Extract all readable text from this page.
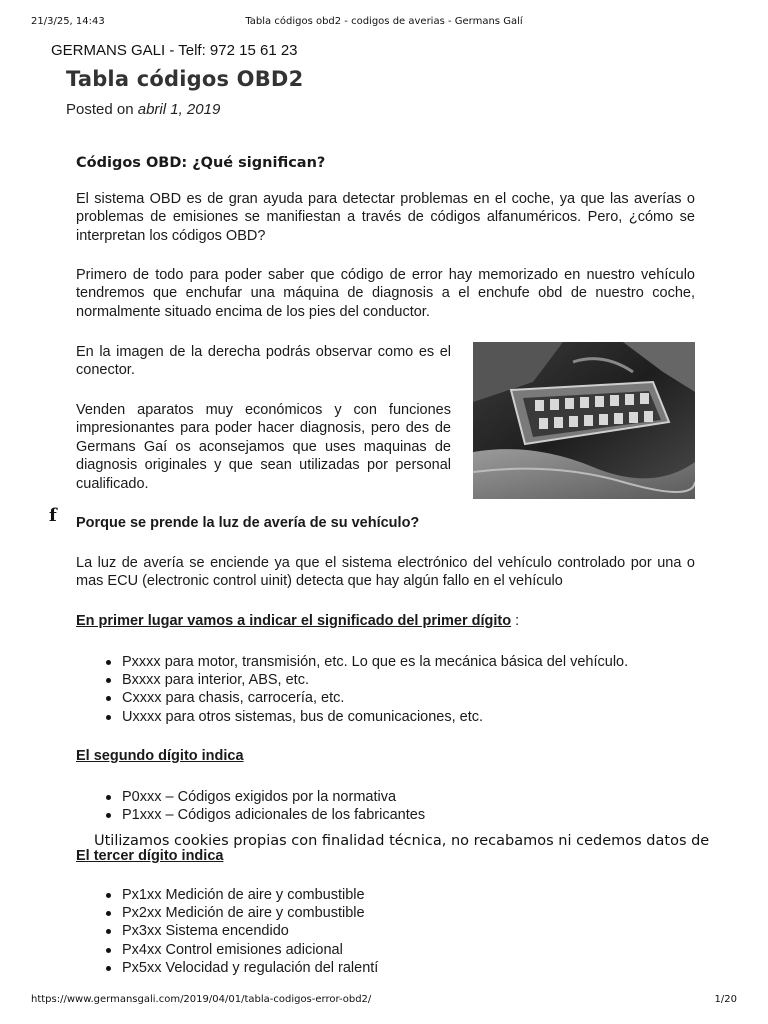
21/3/25, 14:43	Tabla códigos obd2 - codigos de averias - Germans Galí
GERMANS GALI - Telf: 972 15 61 23
Tabla códigos OBD2
Posted on abril 1, 2019
Códigos OBD: ¿Qué significan?

El sistema OBD es de gran ayuda para detectar problemas en el coche, ya que las averías o problemas de emisiones se manifiestan a través de códigos alfanuméricos. Pero, ¿cómo se interpretan los códigos OBD?

Primero de todo para poder saber que código de error hay memorizado en nuestro vehículo tendremos que enchufar una máquina de diagnosis a el enchufe obd de nuestro coche, normalmente situado encima de los pies del conductor.

En la imagen de la derecha podrás observar como es el conector.

Venden aparatos muy económicos y con funciones impresionantes para poder hacer diagnosis, pero des de Germans Gaí os aconsejamos que uses maquinas de diagnosis originales y que sean utilizadas por personal cualificado.

f Porque se prende la luz de avería de su vehículo?

La luz de avería se enciende ya que el sistema electrónico del vehículo controlado por una o mas ECU (electronic control uinit) detecta que hay algún fallo en el vehículo

En primer lugar vamos a indicar el significado del primer dígito :
Pxxxx para motor, transmisión, etc. Lo que es la mecánica básica del vehículo.
Bxxxx para interior, ABS, etc.
Cxxxx para chasis, carrocería, etc.
Uxxxx para otros sistemas, bus de comunicaciones, etc.
El segundo dígito indica
P0xxx – Códigos exigidos por la normativa
P1xxx – Códigos adicionales de los fabricantes
Utilizamos cookies propias con finalidad técnica, no recabamos ni cedemos datos de
El tercer dígito indica
Px1xx Medición de aire y combustible
Px2xx Medición de aire y combustible
Px3xx Sistema encendido
Px4xx Control emisiones adicional
Px5xx Velocidad y regulación del ralentí
https://www.germansgali.com/2019/04/01/tabla-codigos-error-obd2/	1/20
